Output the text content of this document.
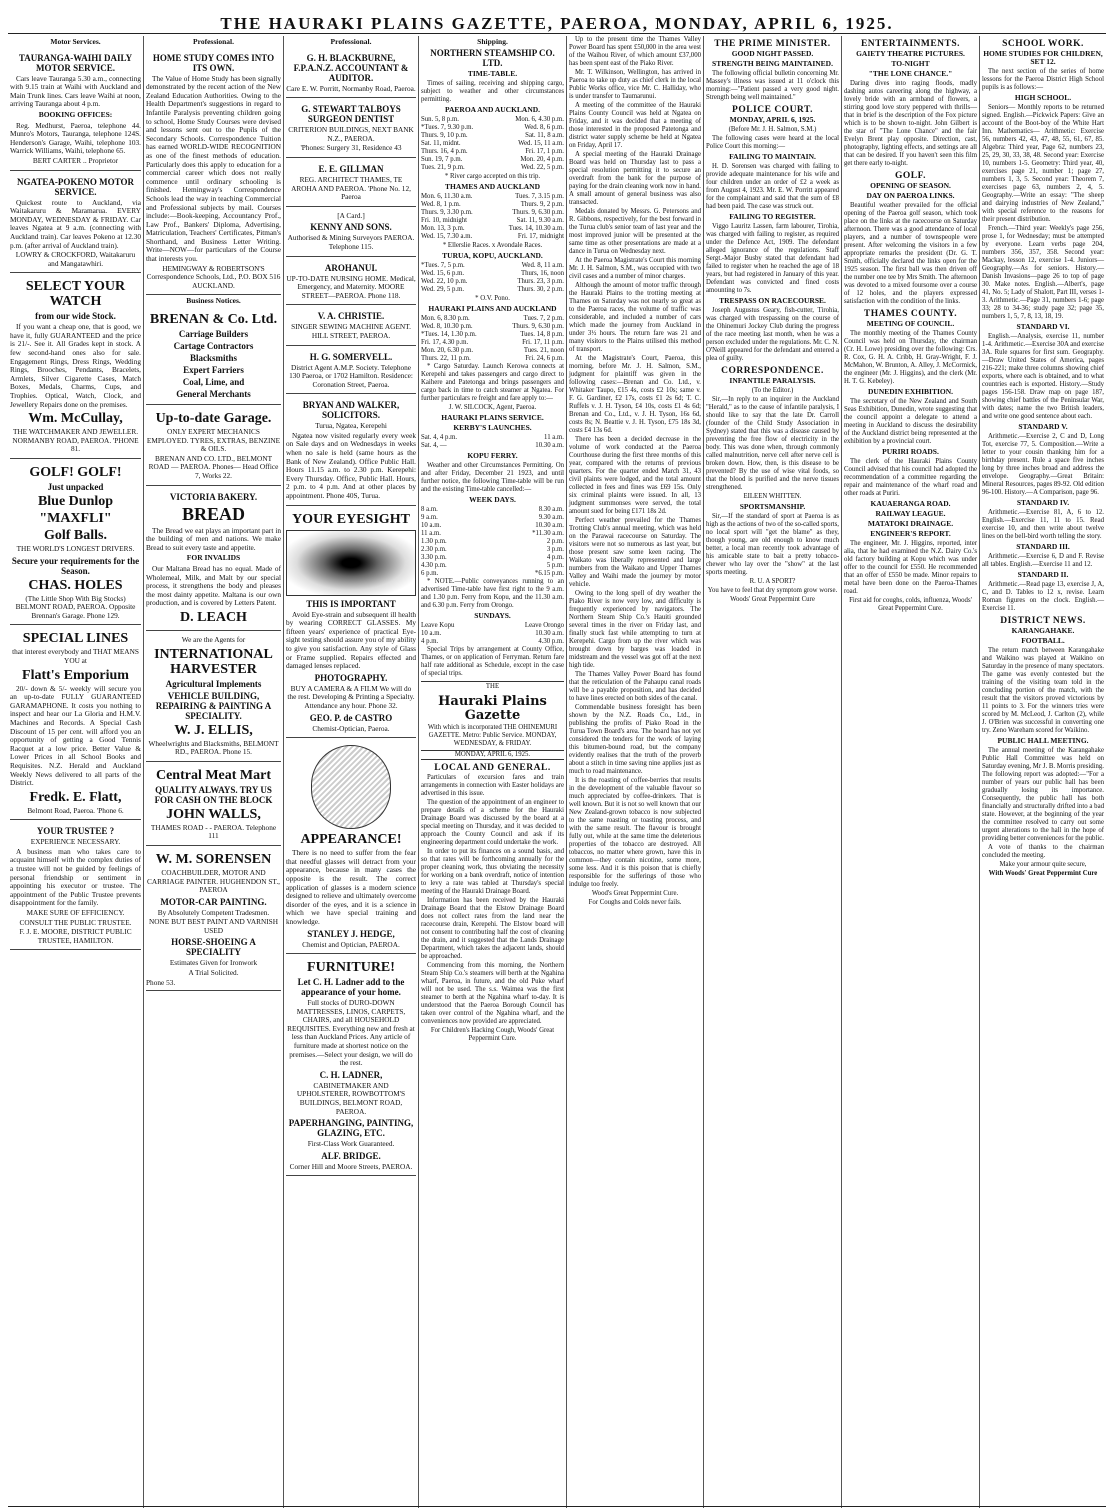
THE HAURAKI PLAINS GAZETTE, PAEROA, MONDAY, APRIL 6, 1925.
Motor Services.
TAURANGA-WAIHI DAILY MOTOR SERVICE.
Cars leave Tauranga 5.30 a.m., connecting with 9.15 train at Waihi with Auckland and Main Trunk lines. Cars leave Waihi at noon, arriving Tauranga about 4 p.m.
BOOKING OFFICES:
Reg. Medhurst, Paeroa, telephone 44. Munro's Motors, Tauranga, telephone 124S. Henderson's Garage, Waihi, telephone 103. Warrick Williams, Waihi, telephone 65.
BERT CARTER .. Proprietor
NGATEA-POKENO MOTOR SERVICE.
Quickest route to Auckland, via Waitakaruru & Maramarua. EVERY MONDAY, WEDNESDAY & FRIDAY. Car leaves Ngatea at 9 a.m. (connecting with Auckland train). Car leaves Pokeno at 12.30 p.m. (after arrival of Auckland train).
LOWRY & CROCKFORD, Waitakaruru and Mangatawhiri.
SELECT YOUR WATCH
from our wide Stock.
If you want a cheap one, that is good, we have it, fully GUARANTEED and the price is 21/-. See it. All Grades kept in stock. A few second-hand ones also for sale. Engagement Rings, Dress Rings, Wedding Rings, Brooches, Pendants, Bracelets, Armlets, Silver Cigarette Cases, Match Boxes, Medals, Charms, Cups, and Trophies. Optical, Watch, Clock, and Jewellery Repairs done on the premises.
Wm. McCullay,
THE WATCHMAKER AND JEWELLER. NORMANBY ROAD, PAEROA. 'PHONE 81.
GOLF! GOLF!
Just unpacked
Blue Dunlop
"MAXFLI"
Golf Balls.
THE WORLD'S LONGEST DRIVERS.
Secure your requirements for the Season.
CHAS. HOLES
(The Little Shop With Big Stocks) BELMONT ROAD, PAEROA. Opposite Brennan's Garage. Phone 129.
SPECIAL LINES
that interest everybody and THAT MEANS YOU at
Flatt's Emporium
20/- down & 5/- weekly will secure you an up-to-date FULLY GUARANTEED GARAMAPHONE. It costs you nothing to inspect and hear our La Gloria and H.M.V. Machines and Records. A Special Cash Discount of 15 per cent. will afford you an opportunity of getting a Good Tennis Racquet at a low price. Better Value & Lower Prices in all School Books and Requisites. N.Z. Herald and Auckland Weekly News delivered to all parts of the District.
Fredk. E. Flatt,
Belmont Road, Paeroa. 'Phone 6.
YOUR TRUSTEE ?
EXPERIENCE NECESSARY.
A business man who takes care to acquaint himself with the complex duties of a trustee will not be guided by feelings of personal friendship or sentiment in appointing his executor or trustee. The appointment of the Public Trustee prevents disappointment for the family.
MAKE SURE OF EFFICIENCY.
CONSULT THE PUBLIC TRUSTEE.
F. J. E. MOORE, DISTRICT PUBLIC TRUSTEE, HAMILTON.
Professional.
HOME STUDY COMES INTO ITS OWN.
The Value of Home Study has been signally demonstrated by the recent action of the New Zealand Education Authorities. Owing to the Health Department's suggestions in regard to Infantile Paralysis preventing children going to school, Home Study Courses were devised and lessons sent out to the Pupils of the Secondary Schools. Correspondence Tuition has earned WORLD-WIDE RECOGNITION as one of the finest methods of education. Particularly does this apply to education for a commercial career which does not really commence until ordinary schooling is finished. Hemingway's Correspondence Schools lead the way in teaching Commercial and Professional subjects by mail. Courses include:—Book-keeping, Accountancy Prof., Law Prof., Bankers' Diploma, Advertising, Matriculation, Teachers' Certificates, Pitman's Shorthand, and Business Letter Writing. Write—NOW—for particulars of the Course that interests you.
HEMINGWAY & ROBERTSON'S Correspondence Schools, Ltd., P.O. BOX 516 AUCKLAND.
Business Notices.
BRENAN & Co. Ltd.
Carriage Builders
Cartage Contractors
Blacksmiths
Expert Farriers
Coal, Lime, and
General Merchants
Up-to-date Garage.
ONLY EXPERT MECHANICS EMPLOYED. TYRES, EXTRAS, BENZINE & OILS.
BRENAN AND CO. LTD., BELMONT ROAD — PAEROA. Phones— Head Office 7, Works 22.
VICTORIA BAKERY.
BREAD
The Bread we eat plays an important part in the building of men and nations. We make Bread to suit every taste and appetite.
FOR INVALIDS
Our Maltana Bread has no equal. Made of Wholemeal, Milk, and Malt by our special process, it strengthens the body and pleases the most dainty appetite. Maltana is our own production, and is covered by Letters Patent.
D. LEACH
We are the Agents for
INTERNATIONAL HARVESTER
Agricultural Implements
VEHICLE BUILDING, REPAIRING & PAINTING A SPECIALITY.
W. J. ELLIS,
Wheelwrights and Blacksmiths, BELMONT RD., PAEROA. Phone 15.
Central Meat Mart
QUALITY ALWAYS. TRY US FOR CASH ON THE BLOCK
JOHN WALLS,
THAMES ROAD - - PAEROA. Telephone 111
W. M. SORENSEN
COACHBUILDER, MOTOR AND CARRIAGE PAINTER. HUGHENDON ST., PAEROA
MOTOR-CAR PAINTING.
By Absolutely Competent Tradesmen.
NONE BUT BEST PAINT AND VARNISH USED
HORSE-SHOEING A SPECIALITY
Estimates Given for Ironwork
A Trial Solicited.
Phone 53.
Professional.
G. H. BLACKBURNE, F.P.A.N.Z. ACCOUNTANT & AUDITOR.
Care E. W. Porritt, Normanby Road, Paeroa.
G. STEWART TALBOYS SURGEON DENTIST
CRITERION BUILDINGS, NEXT BANK N.Z., PAEROA.
'Phones: Surgery 31, Residence 43
E. E. GILLMAN
REG. ARCHITECT THAMES, TE AROHA AND PAEROA. 'Phone No. 12, Paeroa
[A Card.]
KENNY AND SONS.
Authorised & Mining Surveyors PAEROA. Telephone 115.
AROHANUI.
UP-TO-DATE NURSING HOME. Medical, Emergency, and Maternity. MOORE STREET—PAEROA. Phone 118.
V. A. CHRISTIE.
SINGER SEWING MACHINE AGENT. HILL STREET, PAEROA.
H. G. SOMERVELL.
District Agent A.M.P. Society. Telephone 130 Paeroa, or 1702 Hamilton. Residence: Coronation Street, Paeroa.
BRYAN AND WALKER, SOLICITORS.
Turua, Ngatea, Kerepehi
Ngatea now visited regularly every week on Sale days and on Wednesdays in weeks when no sale is held (same hours as the Bank of New Zealand). Office Public Hall. Hours 11.15 a.m. to 2.30 p.m. Kerepehi: Every Thursday. Office, Public Hall. Hours, 2 p.m. to 4 p.m. And at other places by appointment. Phone 40S, Turua.
YOUR EYESIGHT
THIS IS IMPORTANT
Avoid Eye-strain and subsequent ill health by wearing CORRECT GLASSES. My fifteen years' experience of practical Eye-sight testing should assure you of my ability to give you satisfaction. Any style of Glass or Frame supplied. Repairs effected and damaged lenses replaced.
PHOTOGRAPHY.
BUY A CAMERA & A FILM We will do the rest. Developing & Printing a Specialty. Attendance any hour. Phone 32.
GEO. P. de CASTRO
Chemist-Optician, Paeroa.
APPEARANCE!
There is no need to suffer from the fear that needful glasses will detract from your appearance, because in many cases the opposite is the result. The correct application of glasses is a modern science designed to relieve and ultimately overcome disorder of the eyes, and it is a science in which we have special training and knowledge.
STANLEY J. HEDGE,
Chemist and Optician, PAEROA.
FURNITURE!
Let C. H. Ladner add to the appearance of your home.
Full stocks of DURO-DOWN MATTRESSES, LINOS, CARPETS, CHAIRS, and all HOUSEHOLD REQUISITES. Everything new and fresh at less than Auckland Prices. Any article of furniture made at shortest notice on the premises.—Select your design, we will do the rest.
C. H. LADNER,
CABINETMAKER AND UPHOLSTERER, ROWBOTTOM'S BUILDINGS, BELMONT ROAD, PAEROA.
PAPERHANGING, PAINTING, GLAZING, ETC.
First-Class Work Guaranteed.
ALF. BRIDGE.
Corner Hill and Moore Streets, PAEROA.
Shipping.
NORTHERN STEAMSHIP CO. LTD.
TIME-TABLE.
Times of sailing, receiving and shipping cargo, subject to weather and other circumstances permitting.
PAEROA AND AUCKLAND.
Sun. 5, 8 p.m.	Mon. 6, 4.30 p.m.
*Tues. 7, 9.30 p.m.	Wed. 8, 6 p.m.
Thurs. 9, 10 p.m.	Sat. 11, 8 a.m.
Sat. 11, midnt.	Wed. 15, 11 a.m.
Thurs. 16, 4 p.m.	Fri. 17, 1 p.m.
Sun. 19, 7 p.m.	Mon. 20, 4 p.m.
Tues. 21, 9 p.m.	Wed. 22, 5 p.m.
* River cargo accepted on this trip.
THAMES AND AUCKLAND
Mon. 6, 11.30 a.m.	Tues. 7, 3.15 p.m.
Wed. 8, 1 p.m.	Thurs. 9, 2 p.m.
Thurs. 9, 3.30 p.m.	Thurs. 9, 6.30 p.m.
Fri. 10, midnight	Sat. 11, 9.30 a.m.
Mon. 13, 3 p.m.	Tues. 14, 10.30 a.m.
Wed. 15, 7.30 a.m.	Fri. 17, midnight
* Ellerslie Races. x Avondale Races.
TURUA, KOPU, AUCKLAND.
*Tues. 7, 5 p.m.	Wed. 8, 11 a.m.
Wed. 15, 6 p.m.	Thurs, 16, noon
Wed. 22, 10 p.m.	Thurs. 23, 3 p.m.
Wed. 29, 5 p.m.	Thurs. 30, 2 p.m.
* O.V. Pono.
HAURAKI PLAINS AND AUCKLAND
Mon. 6, 8.30 p.m.	Tues. 7, 2 p.m.
Wed. 8, 10.30 p.m.	Thurs. 9, 6.30 p.m.
*Tues. 14, 1.30 p.m.	Tues. 14, 8 p.m.
Fri. 17, 4.30 p.m.	Fri. 17, 11 p.m.
Mon. 20, 6.30 p.m.	Tues. 21, noon
Thurs. 22, 11 p.m.	Fri. 24, 6 p.m.
* Cargo Saturday. Launch Kerowa connects at Kerepehi and takes passengers and cargo direct to Kaihere and Patetonga and brings passengers and cargo back in time to catch steamer at Ngatea. For further particulars re freight and fare apply to:—
J. W. SILCOCK, Agent, Paeroa.
HAURAKI PLAINS SERVICE.
KERBY'S LAUNCHES.
Sat. 4, 4 p.m.	11 a.m.
Sat. 4, —	10.30 a.m.
KOPU FERRY.
Weather and other Circumstances Permitting. On and after Friday, December 21 1923, and until further notice, the following Time-table will be run and the existing Time-table cancelled:—
WEEK DAYS.
8 a.m.	8.30 a.m.
9 a.m.	9.30 a.m.
10 a.m.	10.30 a.m.
11 a.m.	*11.30 a.m.
1.30 p.m.	2 p.m.
2.30 p.m.	3 p.m.
3.30 p.m.	4 p.m.
4.30 p.m.	5 p.m.
6 p.m.	*6.15 p.m.
* NOTE.—Public conveyances running to an advertised Time-table have first right to the 9 a.m. and 1.30 p.m. Ferry from Kopu, and the 11.30 a.m. and 6.30 p.m. Ferry from Orongo.
SUNDAYS.
Leave Kopu	Leave Orongo
10 a.m.	10.30 a.m.
4 p.m.	4.30 p.m.
Special Trips by arrangement at County Office, Thames, or on application of Ferryman. Return fare half rate additional as Schedule, except in the case of special trips.
THE
Hauraki Plains Gazette
With which is incorporated THE OHINEMURI GAZETTE. Metro: Public Service. MONDAY, WEDNESDAY, & FRIDAY.
MONDAY, APRIL 6, 1925.
LOCAL AND GENERAL.
Particulars of excursion fares and train arrangements in connection with Easter holidays are advertised in this issue.
The question of the appointment of an engineer to prepare details of a scheme for the Hauraki Drainage Board was discussed by the board at a special meeting on Thursday, and it was decided to approach the County Council and ask if its engineering department could undertake the work.
In order to put its finances on a sound basis, and so that rates will be forthcoming annually for the proper cleaning work, thus obviating the necessity for working on a bank overdraft, notice of intention to levy a rate was tabled at Thursday's special meeting of the Hauraki Drainage Board.
Information has been received by the Hauraki Drainage Board that the Elstow Drainage Board does not collect rates from the land near the racecourse drain, Kerepehi. The Elstow board will not consent to contributing half the cost of cleaning the drain, and it suggested that the Lands Drainage Department, which takes the adjacent lands, should be approached.
Commencing from this morning, the Northern Steam Ship Co.'s steamers will berth at the Ngahina wharf, Paeroa, in future, and the old Puke wharf will not be used. The s.s. Waimea was the first steamer to berth at the Ngahina wharf to-day. It is understood that the Paeroa Borough Council has taken over control of the Ngahina wharf, and the conveniences now provided are appreciated.
For Children's Hacking Cough, Woods' Great Peppermint Cure.
Up to the present time the Thames Valley Power Board has spent £50,000 in the area west of the Waihou River, of which amount £37,000 has been spent east of the Piako River.
Mr. T. Wilkinson, Wellington, has arrived in Paeroa to take up duty as chief clerk in the local Public Works office, vice Mr. C. Halliday, who is under transfer to Taumarunui.
A meeting of the committee of the Hauraki Plains County Council was held at Ngatea on Friday, and it was decided that a meeting of those interested in the proposed Patetonga and district water supply scheme be held at Ngatea on Friday, April 17.
A special meeting of the Hauraki Drainage Board was held on Thursday last to pass a special resolution permitting it to secure an overdraft from the bank for the purpose of paying for the drain cleaning work now in hand. A small amount of general business was also transacted.
Medals donated by Messrs. G. Petersons and R. Gibbons, respectively, for the best forward in the Turua club's senior team of last year and the most improved junior will be presented at the same time as other presentations are made at a dance in Turua on Wednesday next.
At the Paeroa Magistrate's Court this morning Mr. J. H. Salmon, S.M., was occupied with two civil cases and a number of minor charges.
Although the amount of motor traffic through the Hauraki Plains to the trotting meeting at Thames on Saturday was not nearly so great as to the Paeroa races, the volume of traffic was considerable, and included a number of cars which made the journey from Auckland in under 3½ hours. The return fare was 21 and many visitors to the Plains utilised this method of transport.
At the Magistrate's Court, Paeroa, this morning, before Mr. J. H. Salmon, S.M., judgment for plaintiff was given in the following cases:—Brenan and Co. Ltd., v. Whitaker Taupo, £15 4s, costs £2 10s; same v. F. G. Gardiner, £2 17s, costs £1 2s 6d; T. C. Ruffels v. J. H. Tyson, £4 10s, costs £1 4s 6d; Brenan and Co., Ltd., v. J. H. Tyson, 16s 6d, costs 8s; N. Beattie v. J. H. Tyson, £75 18s 3d, costs £4 13s 6d.
There has been a decided decrease in the volume of work conducted at the Paeroa Courthouse during the first three months of this year, compared with the returns of previous quarters. For the quarter ended March 31, 43 civil plaints were lodged, and the total amount collected in fees and fines was £69 15s. Only six criminal plaints were issued. In all, 13 judgment summonses were served, the total amount sued for being £171 18s 2d.
Perfect weather prevailed for the Thames Trotting Club's annual meeting, which was held on the Parawai racecourse on Saturday. The visitors were not so numerous as last year, but those present saw some keen racing. The Waikato was liberally represented and large numbers from the Waikato and Upper Thames Valley and Waihi made the journey by motor vehicle.
Owing to the long spell of dry weather the Piako River is now very low, and difficulty is frequently experienced by navigators. The Northern Steam Ship Co.'s Hauiti grounded several times in the river on Friday last, and finally stuck fast while attempting to turn at Kerepehi. Cargo from up the river which was brought down by barges was loaded in midstream and the vessel was got off at the next high tide.
The Thames Valley Power Board has found that the reticulation of the Pahaupu canal roads will be a payable proposition, and has decided to have lines erected on both sides of the canal.
Commendable business foresight has been shown by the N.Z. Roads Co., Ltd., in publishing the profits of Piako Road in the Turua Town Board's area. The board has not yet considered the tenders for the work of laying this bitumen-bound road, but the company evidently realises that the truth of the proverb about a stitch in time saving nine applies just as much to road maintenance.
It is the roasting of coffee-berries that results in the development of the valuable flavour so much appreciated by coffee-drinkers. That is well known. But it is not so well known that our New Zealand-grown tobacco is now subjected to the same roasting or toasting process, and with the same result. The flavour is brought fully out, while at the same time the deleterious properties of the tobacco are destroyed. All tobaccos, no matter where grown, have this in common—they contain nicotine, some more, some less. And it is this poison that is chiefly responsible for the sufferings of those who indulge too freely.
Wood's Great Peppermint Cure.
For Coughs and Colds never fails.
THE PRIME MINISTER.
GOOD NIGHT PASSED.
STRENGTH BEING MAINTAINED.
The following official bulletin concerning Mr. Massey's illness was issued at 11 o'clock this morning:—"Patient passed a very good night. Strength being well maintained."
POLICE COURT.
MONDAY, APRIL 6, 1925.
(Before Mr. J. H. Salmon, S.M.)
The following cases were heard at the local Police Court this morning:—
FAILING TO MAINTAIN.
H. D. Sorensen was charged with failing to provide adequate maintenance for his wife and four children under an order of £2 a week as from August 4, 1923. Mr. E. W. Porritt appeared for the complainant and said that the sum of £8 had been paid. The case was struck out.
FAILING TO REGISTER.
Viggo Lauritz Lassen, farm labourer, Tirohia, was charged with failing to register, as required under the Defence Act, 1909. The defendant alleged ignorance of the regulations. Staff Sergt.-Major Busby stated that defendant had failed to register when he reached the age of 18 years, but had registered in January of this year. Defendant was convicted and fined costs amounting to 7s.
TRESPASS ON RACECOURSE.
Joseph Augustus Geary, fish-cutter, Tirohia, was charged with trespassing on the course of the Ohinemuri Jockey Club during the progress of the race meeting last month, when he was a person excluded under the regulations. Mr. C. N. O'Neill appeared for the defendant and entered a plea of guilty.
CORRESPONDENCE.
INFANTILE PARALYSIS.
(To the Editor.)
Sir,—In reply to an inquirer in the Auckland "Herald," as to the cause of infantile paralysis, I should like to say that the late Dr. Carroll (founder of the Child Study Association in Sydney) stated that this was a disease caused by preventing the free flow of electricity in the body. This was done when, through commonly called malnutrition, nerve cell after nerve cell is broken down. How, then, is this disease to be prevented? By the use of wise vital foods, so that the blood is purified and the nerve tissues strengthened.
EILEEN WHITTEN.
SPORTSMANSHIP.
Sir,—If the standard of sport at Paeroa is as high as the actions of two of the so-called sports, no local sport will "get the blame" as they, though young, are old enough to know much better, a local man recently took advantage of his amicable state to bait a pretty tobacco-chewer who lay over the "show" at the last sports meeting.
R. U. A SPORT?
You have to feel that dry symptom grow worse.
Woods' Great Peppermint Cure
ENTERTAINMENTS.
GAIETY THEATRE PICTURES.
TO-NIGHT
"THE LONE CHANCE."
Daring dives into raging floods, madly dashing autos careering along the highway, a lovely bride with an armband of flowers, a stirring good love story peppered with thrills—that in brief is the description of the Fox picture which is to be shown to-night. John Gilbert is the star of "The Lone Chance" and the fair Evelyn Brent play opposite. Direction, cast, photography, lighting effects, and settings are all that can be desired. If you haven't seen this film get there early to-night.
GOLF.
OPENING OF SEASON.
DAY ON PAEROA LINKS.
Beautiful weather prevailed for the official opening of the Paeroa golf season, which took place on the links at the racecourse on Saturday afternoon. There was a good attendance of local players, and a number of townspeople were present. After welcoming the visitors in a few appropriate remarks the president (Dr. G. T. Smith, officially declared the links open for the 1925 season. The first ball was then driven off the number one tee by Mrs Smith. The afternoon was devoted to a mixed foursome over a course of 12 holes, and the players expressed satisfaction with the condition of the links.
THAMES COUNTY.
MEETING OF COUNCIL.
The monthly meeting of the Thames County Council was held on Thursday, the chairman (Cr. H. Lowe) presiding over the following: Crs. R. Cox, G. H. A. Cribb, H. Gray-Wright, F. J. McMahon, W. Brunton, A. Alley, J. McCormick, the engineer (Mr. J. Higgins), and the clerk (Mr. H. T. G. Kebeley).
DUNEDIN EXHIBITION.
The secretary of the New Zealand and South Seas Exhibition, Dunedin, wrote suggesting that the council appoint a delegate to attend a meeting in Auckland to discuss the desirability of the Auckland district being represented at the exhibition by a provincial court.
PURIRI ROADS.
The clerk of the Hauraki Plains County Council advised that his council had adopted the recommendation of a committee regarding the repair and maintenance of the wharf road and other roads at Puriri.
KAUAERANGA ROAD.
RAILWAY LEAGUE.
MATATOKI DRAINAGE.
ENGINEER'S REPORT.
The engineer, Mr. J. Higgins, reported, inter alia, that he had examined the N.Z. Dairy Co.'s old factory building at Kopu which was under offer to the council for £550. He recommended that an offer of £550 be made. Minor repairs to metal have been done on the Paeroa-Thames road.
First aid for coughs, colds, influenza, Woods' Great Peppermint Cure.
SCHOOL WORK.
HOME STUDIES FOR CHILDREN, SET 12.
The next section of the series of home lessons for the Paeroa District High School pupils is as follows:—
HIGH SCHOOL.
Seniors— Monthly reports to be returned signed. English.—Pickwick Papers: Give an account of the Boot-boy of the White Hart Inn. Mathematics— Arithmetic: Exercise 56, numbers 42, 43, 47, 48, 55, 61, 67, 85. Algebra: Third year, Page 62, numbers 23, 25, 29, 30, 33, 38, 48. Second year: Exercise 10, numbers 1-5. Geometry: Third year, 40, exercises page 21, number 1; page 27, numbers 1, 3, 5. Second year: Theorem 7, exercises page 63, numbers 2, 4, 5. Geography.—Write an essay: "The sheep and dairying industries of New Zealand," with special reference to the reasons for their present distribution.
French.—Third year: Weekly's page 256, prose 1, for Wednesday; must be attempted by everyone. Learn verbs page 204, numbers 356, 357, 358. Second year: Mackay, lesson 12, exercise 1-4. Juniors— Geography.—As for seniors. History.—Danish Invasions—page 26 to top of page 30. Make notes. English.—Albert's, page 41, No. 5; Lady of Shalott, Part III, verses 1-3. Arithmetic.—Page 31, numbers 1-6; page 33; 28 to 34-36; study page 32; page 35, numbers 1, 5, 7, 8, 13, 18, 19.
STANDARD VI.
English.—Analysis, exercise 11, number 1-4. Arithmetic.—Exercise 30A and exercise 3A. Rule squares for first sum. Geography.—Draw United States of America, pages 216-221; make three columns showing chief exports, where each is obtained, and to what countries each is exported. History.—Study pages 156-158. Draw map on page 187, showing chief battles of the Peninsular War, with dates; name the two British leaders, and write one good sentence about each.
STANDARD V.
Arithmetic.—Exercise 2, C and D, Long Tot, exercise 77, 5. Composition.—Write a letter to your cousin thanking him for a birthday present. Rule a space five inches long by three inches broad and address the envelope. Geography.—Great Britain: Mineral Resources, pages 89-92. Old edition 96-100. History.—A Comparison, page 96.
STANDARD IV.
Arithmetic.—Exercise 81, A, 6 to 12. English.—Exercise 11, 11 to 15. Read exercise 10, and then write about twelve lines on the bell-bird worth telling the story.
STANDARD III.
Arithmetic.—Exercise 6, D and F. Revise all tables. English.—Exercise 11 and 12.
STANDARD II.
Arithmetic.—Read page 13, exercise J, A, C, and D. Tables to 12 x, revise. Learn Roman figures on the clock. English.—Exercise 11.
DISTRICT NEWS.
KARANGAHAKE.
FOOTBALL.
The return match between Karangahake and Waikino was played at Waikino on Saturday in the presence of many spectators. The game was evenly contested but the training of the visiting team told in the concluding portion of the match, with the result that the visitors proved victorious by 11 points to 3. For the winners tries were scored by M. McLeod, J. Carlton (2), while J. O'Brien was successful in converting one try. Zeno Wareham scored for Waikino.
PUBLIC HALL MEETING.
The annual meeting of the Karangahake Public Hall Committee was held on Saturday evening, Mr J. B. Morris presiding. The following report was adopted:—"For a number of years our public hall has been gradually losing its importance. Consequently, the public hall has both financially and structurally drifted into a bad state. However, at the beginning of the year the committee resolved to carry out some urgent alterations to the hall in the hope of providing better conveniences for the public.
A vote of thanks to the chairman concluded the meeting.
Make your armour quite secure,
With Woods' Great Peppermint Cure
